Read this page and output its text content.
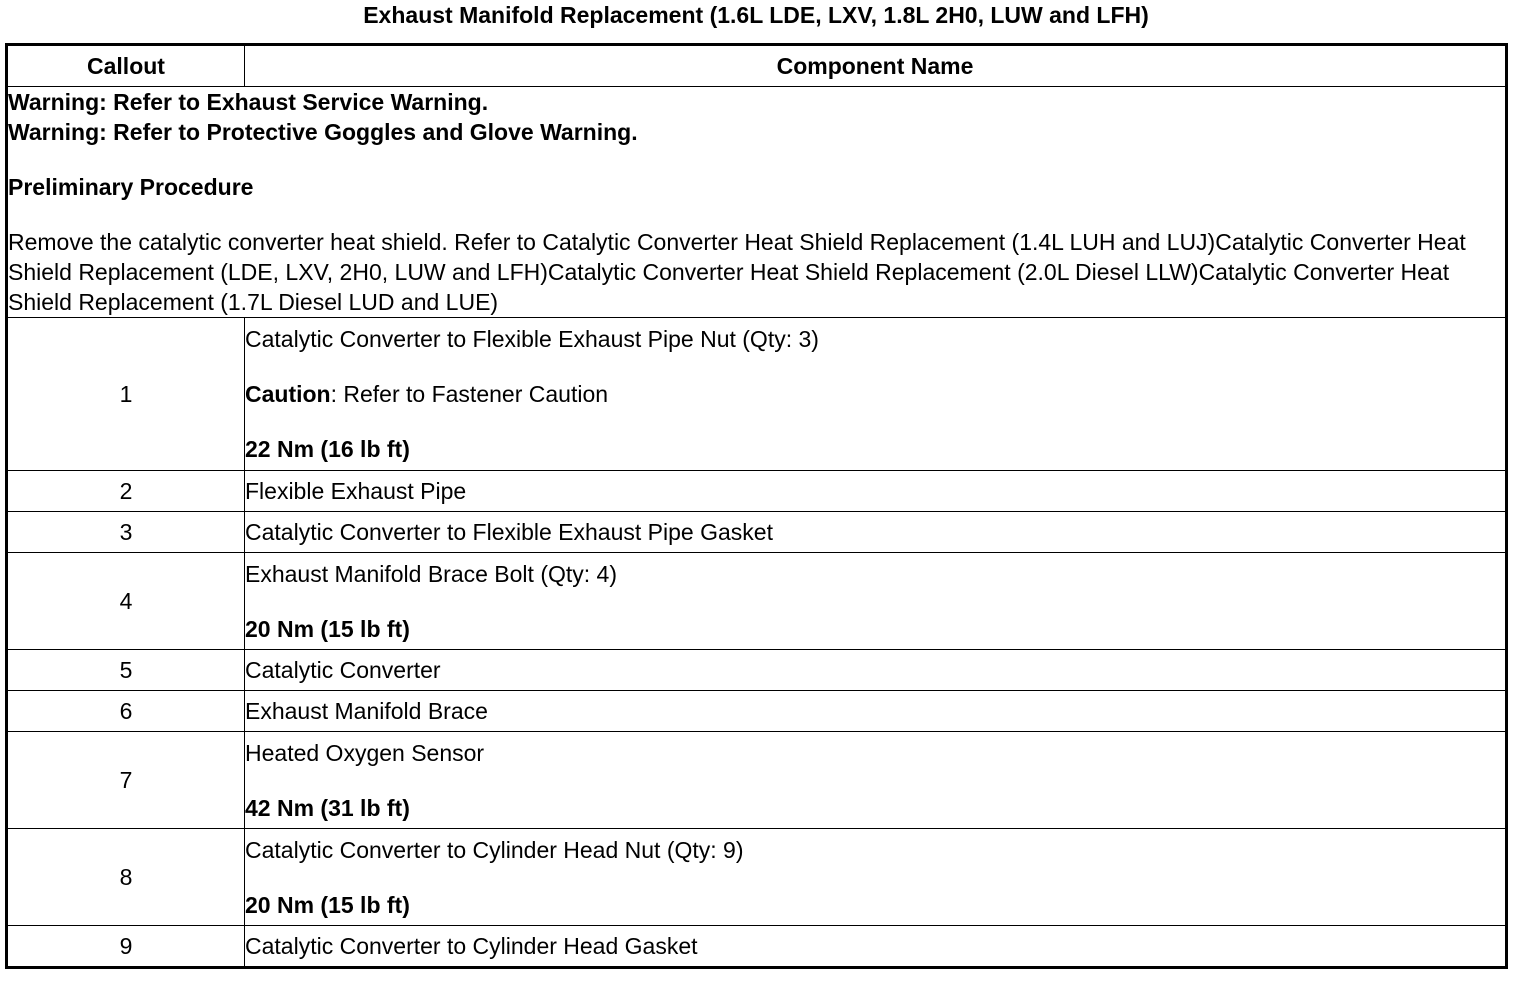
Exhaust Manifold Replacement (1.6L LDE, LXV, 1.8L 2H0, LUW and LFH)
Callout	Component Name

Warning: Refer to Exhaust Service Warning.
Warning: Refer to Protective Goggles and Glove Warning.
Preliminary Procedure
Remove the catalytic converter heat shield. Refer to Catalytic Converter Heat Shield Replacement (1.4L LUH and LUJ)Catalytic Converter Heat Shield Replacement (LDE, LXV, 2H0, LUW and LFH)Catalytic Converter Heat Shield Replacement (2.0L Diesel LLW)Catalytic Converter Heat Shield Replacement (1.7L Diesel LUD and LUE)	

1	Catalytic Converter to Flexible Exhaust Pipe Nut (Qty: 3)
Caution: Refer to Fastener Caution
22 Nm (16 lb ft)

2	Flexible Exhaust Pipe
3	Catalytic Converter to Flexible Exhaust Pipe Gasket
4	Exhaust Manifold Brace Bolt (Qty: 4)
20 Nm (15 lb ft)

5	Catalytic Converter
6	Exhaust Manifold Brace
7	Heated Oxygen Sensor
42 Nm (31 lb ft)

8	Catalytic Converter to Cylinder Head Nut (Qty: 9)
20 Nm (15 lb ft)

9	Catalytic Converter to Cylinder Head Gasket
